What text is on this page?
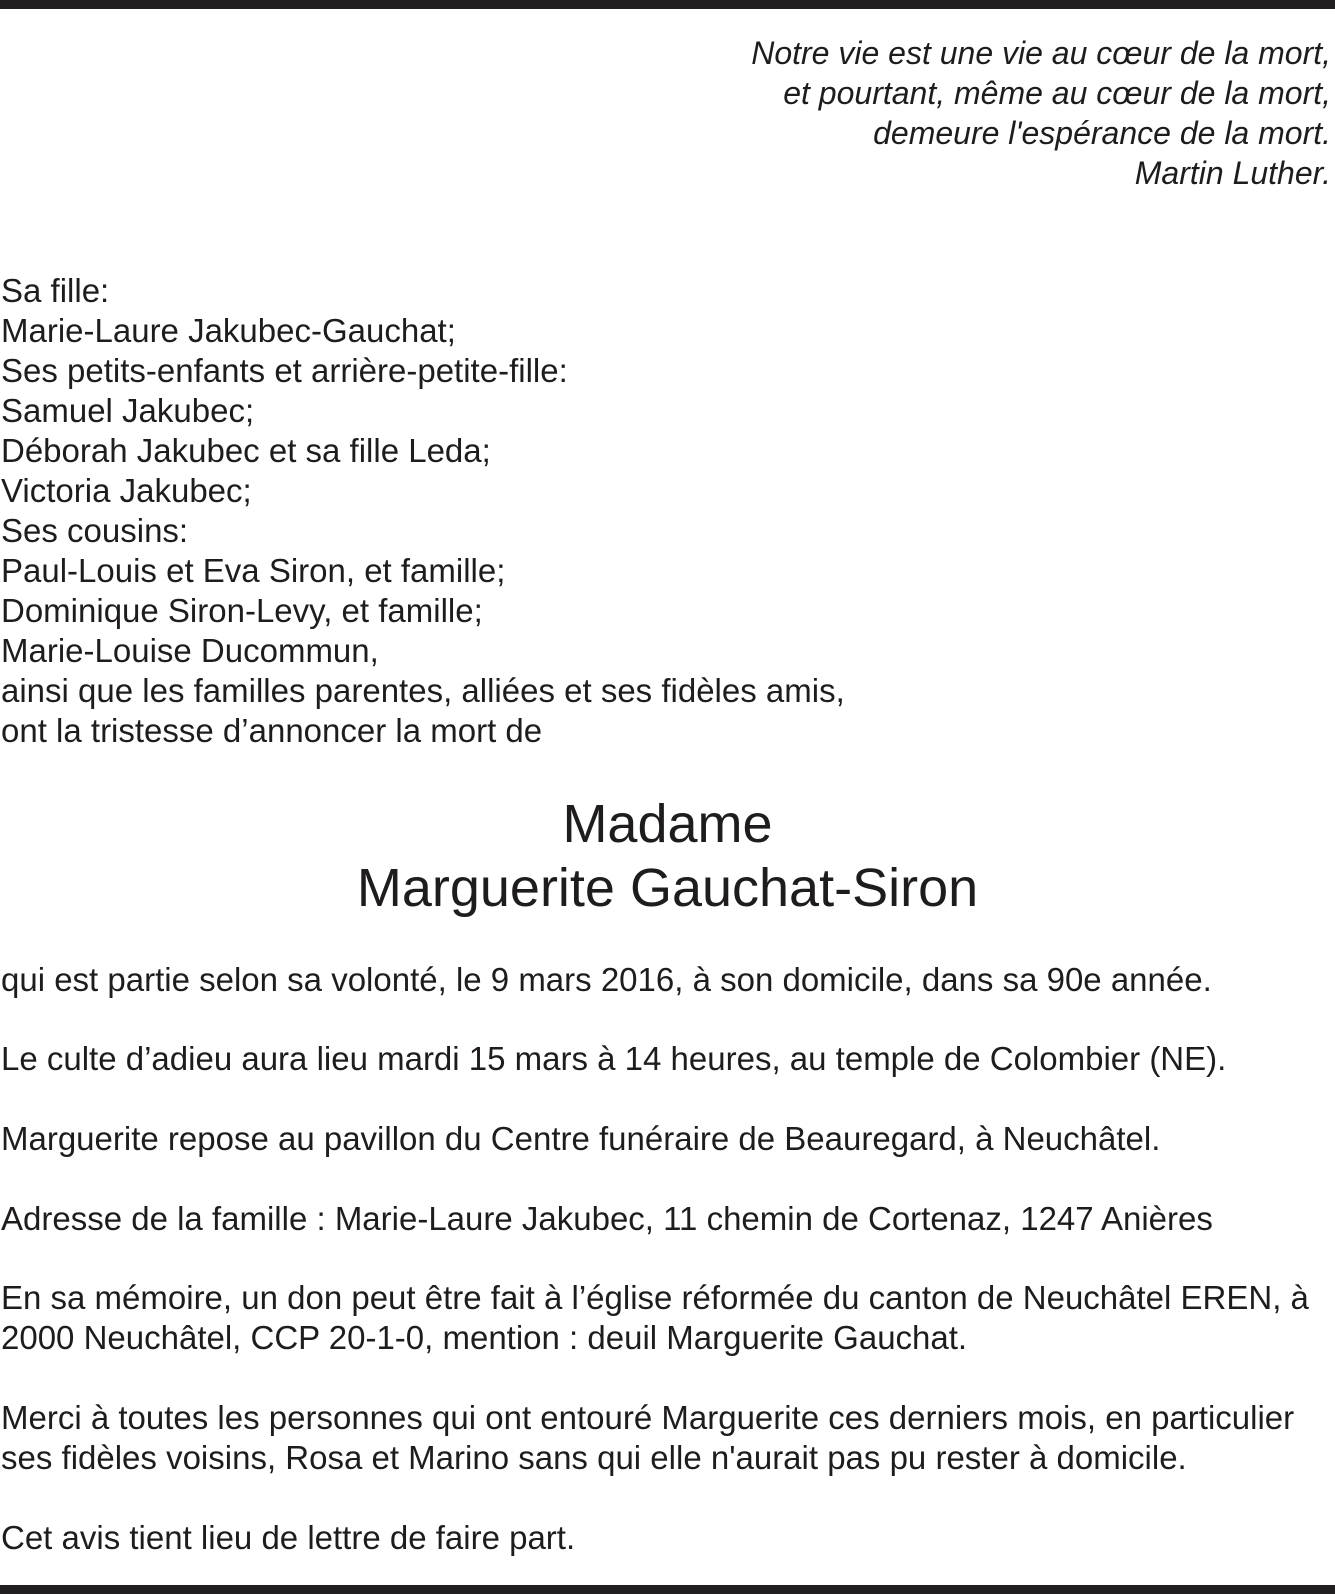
Notre vie est une vie au cœur de la mort,
et pourtant, même au cœur de la mort,
demeure l'espérance de la mort.
Martin Luther.
Sa fille:
Marie-Laure Jakubec-Gauchat;
Ses petits-enfants et arrière-petite-fille:
Samuel Jakubec;
Déborah Jakubec et sa fille Leda;
Victoria Jakubec;
Ses cousins:
Paul-Louis et Eva Siron, et famille;
Dominique Siron-Levy, et famille;
Marie-Louise Ducommun,
ainsi que les familles parentes, alliées et ses fidèles amis,
ont la tristesse d’annoncer la mort de
Madame
Marguerite Gauchat-Siron
qui est partie selon sa volonté, le 9 mars 2016, à son domicile, dans sa 90e année.
Le culte d’adieu aura lieu mardi 15 mars à 14 heures, au temple de Colombier (NE).
Marguerite repose au pavillon du Centre funéraire de Beauregard, à Neuchâtel.
Adresse de la famille : Marie-Laure Jakubec, 11 chemin de Cortenaz, 1247 Anières
En sa mémoire, un don peut être fait à l’église réformée du canton de Neuchâtel EREN, à
2000 Neuchâtel, CCP 20-1-0, mention : deuil Marguerite Gauchat.
Merci à toutes les personnes qui ont entouré Marguerite ces derniers mois, en particulier
ses fidèles voisins, Rosa et Marino sans qui elle n'aurait pas pu rester à domicile.
Cet avis tient lieu de lettre de faire part.
